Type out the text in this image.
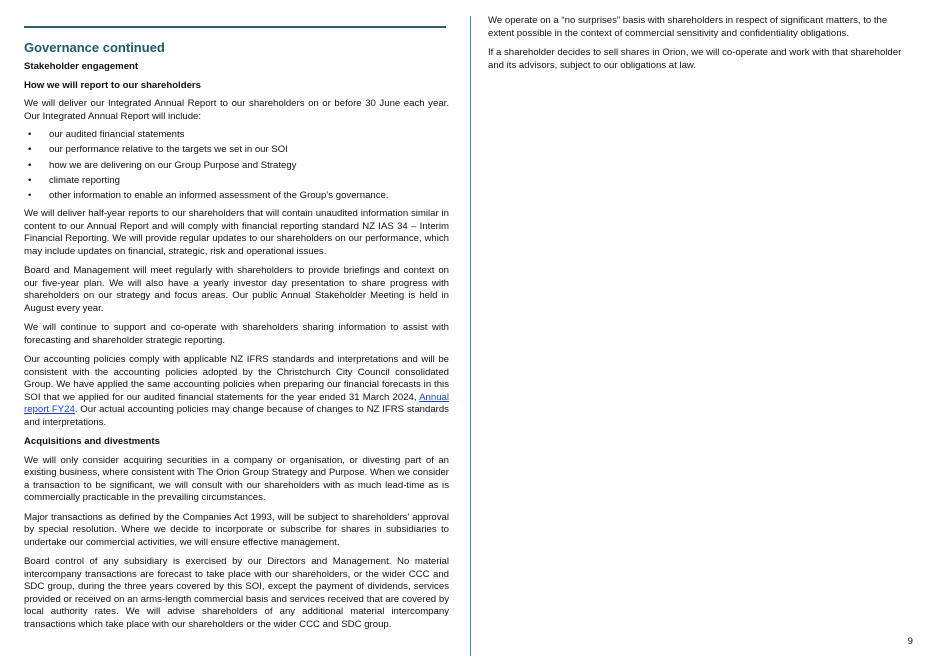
Governance continued
Stakeholder engagement
How we will report to our shareholders

We will deliver our Integrated Annual Report to our shareholders on or before 30 June each year. Our Integrated Annual Report will include:

• our audited financial statements
• our performance relative to the targets we set in our SOI
• how we are delivering on our Group Purpose and Strategy
• climate reporting
• other information to enable an informed assessment of the Group’s governance.

We will deliver half-year reports to our shareholders that will contain unaudited information similar in content to our Annual Report and will comply with financial reporting standard NZ IAS 34 – Interim Financial Reporting. We will provide regular updates to our shareholders on our performance, which may include updates on financial, strategic, risk and operational issues.

Board and Management will meet regularly with shareholders to provide briefings and context on our five-year plan. We will also have a yearly investor day presentation to share progress with shareholders on our strategy and focus areas. Our public Annual Stakeholder Meeting is held in August every year.

We will continue to support and co-operate with shareholders sharing information to assist with forecasting and shareholder strategic reporting.

Our accounting policies comply with applicable NZ IFRS standards and interpretations and will be consistent with the accounting policies adopted by the Christchurch City Council consolidated Group. We have applied the same accounting policies when preparing our financial forecasts in this SOI that we applied for our audited financial statements for the year ended 31 March 2024, Annual report FY24. Our actual accounting policies may change because of changes to NZ IFRS standards and interpretations.

Acquisitions and divestments

We will only consider acquiring securities in a company or organisation, or divesting part of an existing business, where consistent with The Orion Group Strategy and Purpose. When we consider a transaction to be significant, we will consult with our shareholders with as much lead-time as is commercially practicable in the prevailing circumstances.

Major transactions as defined by the Companies Act 1993, will be subject to shareholders’ approval by special resolution. Where we decide to incorporate or subscribe for shares in subsidiaries to undertake our commercial activities, we will ensure effective management.

Board control of any subsidiary is exercised by our Directors and Management. No material intercompany transactions are forecast to take place with our shareholders, or the wider CCC and SDC group, during the three years covered by this SOI, except the payment of dividends, services provided or received on an arms-length commercial basis and services received that are covered by local authority rates. We will advise shareholders of any additional material intercompany transactions which take place with our shareholders or the wider CCC and SDC group.

We operate on a “no surprises” basis with shareholders in respect of significant matters, to the extent possible in the context of commercial sensitivity and confidentiality obligations.

If a shareholder decides to sell shares in Orion, we will co-operate and work with that shareholder and its advisors, subject to our obligations at law.

9
